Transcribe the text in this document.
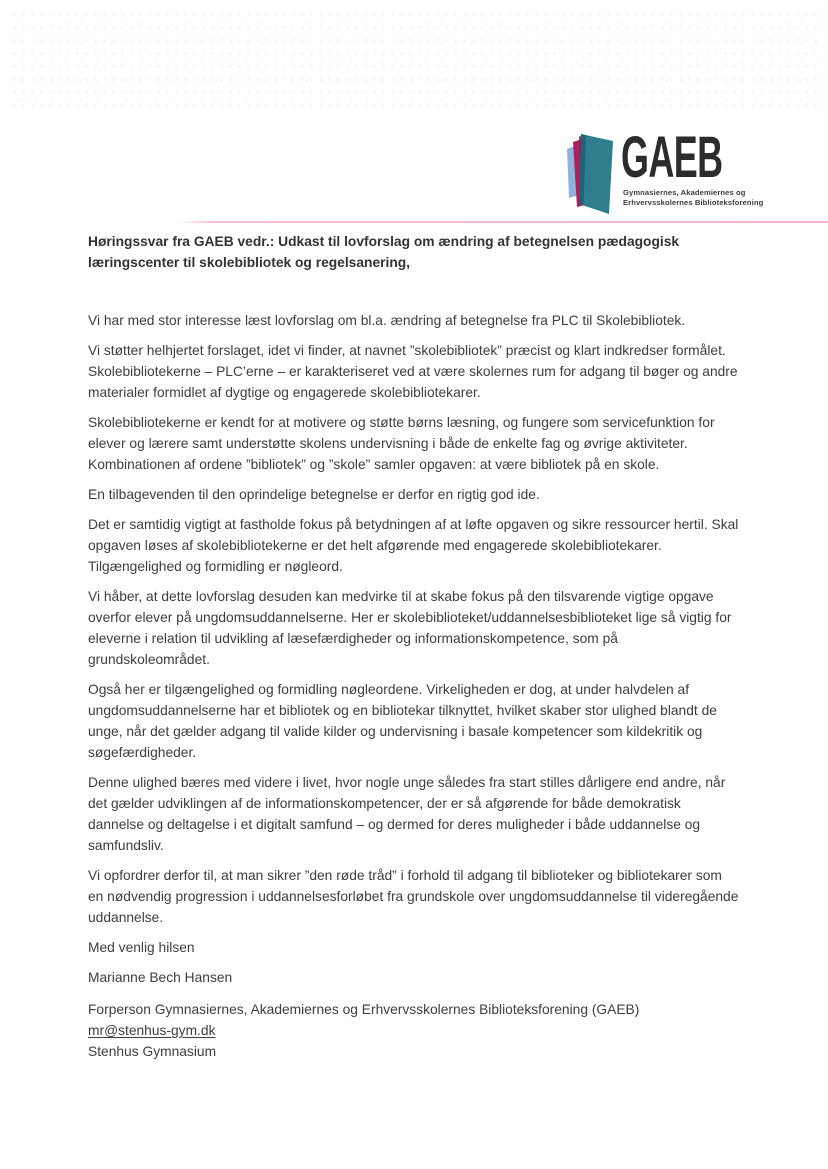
GAEB
Gymnasiernes, Akademiernes og
Erhvervsskolernes Biblioteksforening
Høringssvar fra GAEB vedr.: Udkast til lovforslag om ændring af betegnelsen pædagogisk læringscenter til skolebibliotek og regelsanering,

Vi har med stor interesse læst lovforslag om bl.a. ændring af betegnelse fra PLC til Skolebibliotek.

Vi støtter helhjertet forslaget, idet vi finder, at navnet ”skolebibliotek” præcist og klart indkredser formålet. Skolebibliotekerne – PLC’erne – er karakteriseret ved at være skolernes rum for adgang til bøger og andre materialer formidlet af dygtige og engagerede skolebibliotekarer.

Skolebibliotekerne er kendt for at motivere og støtte børns læsning, og fungere som servicefunktion for elever og lærere samt understøtte skolens undervisning i både de enkelte fag og øvrige aktiviteter. Kombinationen af ordene ”bibliotek” og ”skole” samler opgaven: at være bibliotek på en skole.

En tilbagevenden til den oprindelige betegnelse er derfor en rigtig god ide.

Det er samtidig vigtigt at fastholde fokus på betydningen af at løfte opgaven og sikre ressourcer hertil. Skal opgaven løses af skolebibliotekerne er det helt afgørende med engagerede skolebibliotekarer. Tilgængelighed og formidling er nøgleord.

Vi håber, at dette lovforslag desuden kan medvirke til at skabe fokus på den tilsvarende vigtige opgave overfor elever på ungdomsuddannelserne. Her er skolebiblioteket/uddannelsesbiblioteket lige så vigtig for eleverne i relation til udvikling af læsefærdigheder og informationskompetence, som på grundskoleområdet.

Også her er tilgængelighed og formidling nøgleordene. Virkeligheden er dog, at under halvdelen af ungdomsuddannelserne har et bibliotek og en bibliotekar tilknyttet, hvilket skaber stor ulighed blandt de unge, når det gælder adgang til valide kilder og undervisning i basale kompetencer som kildekritik og søgefærdigheder.

Denne ulighed bæres med videre i livet, hvor nogle unge således fra start stilles dårligere end andre, når det gælder udviklingen af de informationskompetencer, der er så afgørende for både demokratisk dannelse og deltagelse i et digitalt samfund – og dermed for deres muligheder i både uddannelse og samfundsliv.

Vi opfordrer derfor til, at man sikrer ”den røde tråd” i forhold til adgang til biblioteker og bibliotekarer som en nødvendig progression i uddannelsesforløbet fra grundskole over ungdomsuddannelse til videregående uddannelse.

Med venlig hilsen

Marianne Bech Hansen

Forperson Gymnasiernes, Akademiernes og Erhvervsskolernes Biblioteksforening (GAEB)

mr@stenhus-gym.dk

Stenhus Gymnasium
